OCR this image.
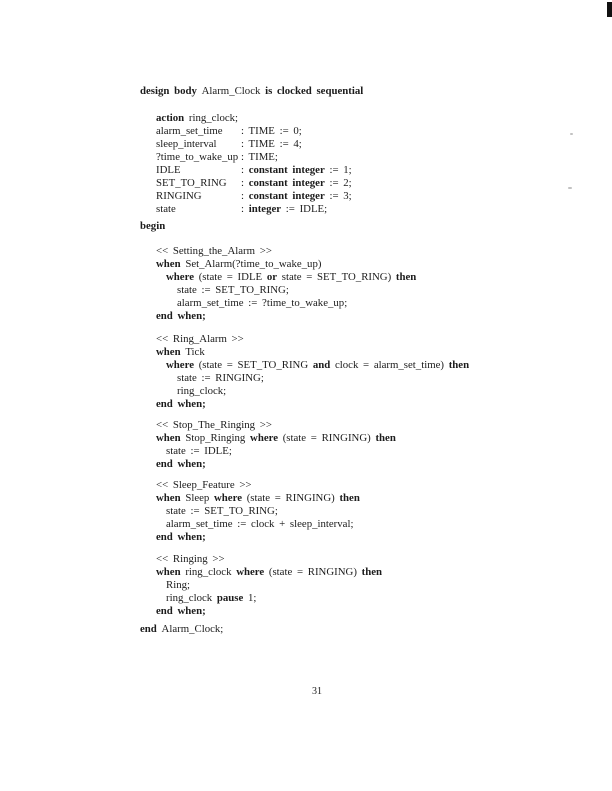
design body Alarm_Clock is clocked sequential
action ring_clock;
alarm_set_time : TIME := 0;
sleep_interval : TIME := 4;
?time_to_wake_up : TIME;
IDLE	: constant integer := 1;
SET_TO_RING : constant integer := 2;
RINGING	: constant integer := 3;
state	: integer := IDLE;
begin
<< Setting_the_Alarm >>
when Set_Alarm(?time_to_wake_up)
where (state = IDLE or state = SET_TO_RING) then
state := SET_TO_RING;
alarm_set_time := ?time_to_wake_up;
end when;
<< Ring_Alarm >>
when Tick
where (state = SET_TO_RING and clock = alarm_set_time) then
state := RINGING;
ring_clock;
end when;
<< Stop_The_Ringing >>
when Stop_Ringing where (state = RINGING) then
state := IDLE;
end when;
<< Sleep_Feature >>
when Sleep where (state = RINGING) then
state := SET_TO_RING;
alarm_set_time := clock + sleep_interval;
end when;
<< Ringing >>
when ring_clock where (state = RINGING) then
Ring;
ring_clock pause 1;
end when;
end Alarm_Clock;
31
